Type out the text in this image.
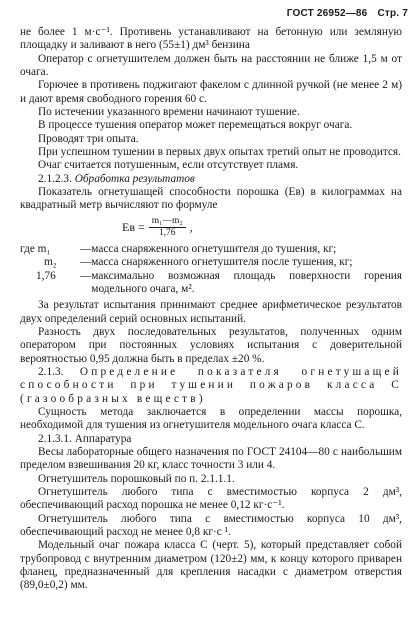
ГОСТ 26952—86 Стр. 7

не более 1 м·с⁻¹. Противень устанавливают на бетонную или земляную площадку и заливают в него (55±1) дм³ бензина

Оператор с огнетушителем должен быть на расстоянии не ближе 1,5 м от очага.

Горючее в противень поджигают факелом с длинной ручкой (не менее 2 м) и дают время свободного горения 60 с.

По истечении указанного времени начинают тушение.

В процессе тушения оператор может перемещаться вокруг очага.

Проводят три опыта.

При успешном тушении в первых двух опытах третий опыт не проводится.

Очаг считается потушенным, если отсутствует пламя.

2.1.2.3. Обработка результатов

Показатель огнетушащей способности порошка (Eв) в килограммах на квадратный метр вычисляют по формуле

Eв = $\frac{\text{m₁—m₂}}{1,76}$ ,
где m₁	—	масса снаряженного огнетушителя до тушения, кг;
m₂	—	масса снаряженного огнетушителя после тушения, кг;
1,76	—	максимально возможная площадь поверхности горения модельного очага, м².

За результат испытания принимают среднее арифметическое результатов двух определений серий основных испытаний.

Разность двух последовательных результатов, полученных одним оператором при постоянных условиях испытания с доверительной вероятностью 0,95 должна быть в пределах ±20 %.

2.1.3. Определение показателя огнетушащей способности при тушении пожаров класса С (газообразных веществ)

Сущность метода заключается в определении массы порошка, необходимой для тушения из огнетушителя модельного очага класса С.

2.1.3.1. Аппаратура

Весы лабораторные общего назначения по ГОСТ 24104—80 с наибольшим пределом взвешивания 20 кг, класс точности 3 или 4.

Огнетушитель порошковый по п. 2.1.1.1.

Огнетушитель любого типа с вместимостью корпуса 2 дм³, обеспечивающий расход порошка не менее 0,12 кг·с⁻¹.

Огнетушитель любого типа с вместимостью корпуса 10 дм³, обеспечивающий расход не менее 0,8 кг·с ¹.

Модельный очаг пожара класса С (черт. 5), который представляет собой трубопровод с внутренним диаметром (120±2) мм, к концу которого приварен фланец, предназначенный для крепления насадки с диаметром отверстия (89,0±0,2) мм.
